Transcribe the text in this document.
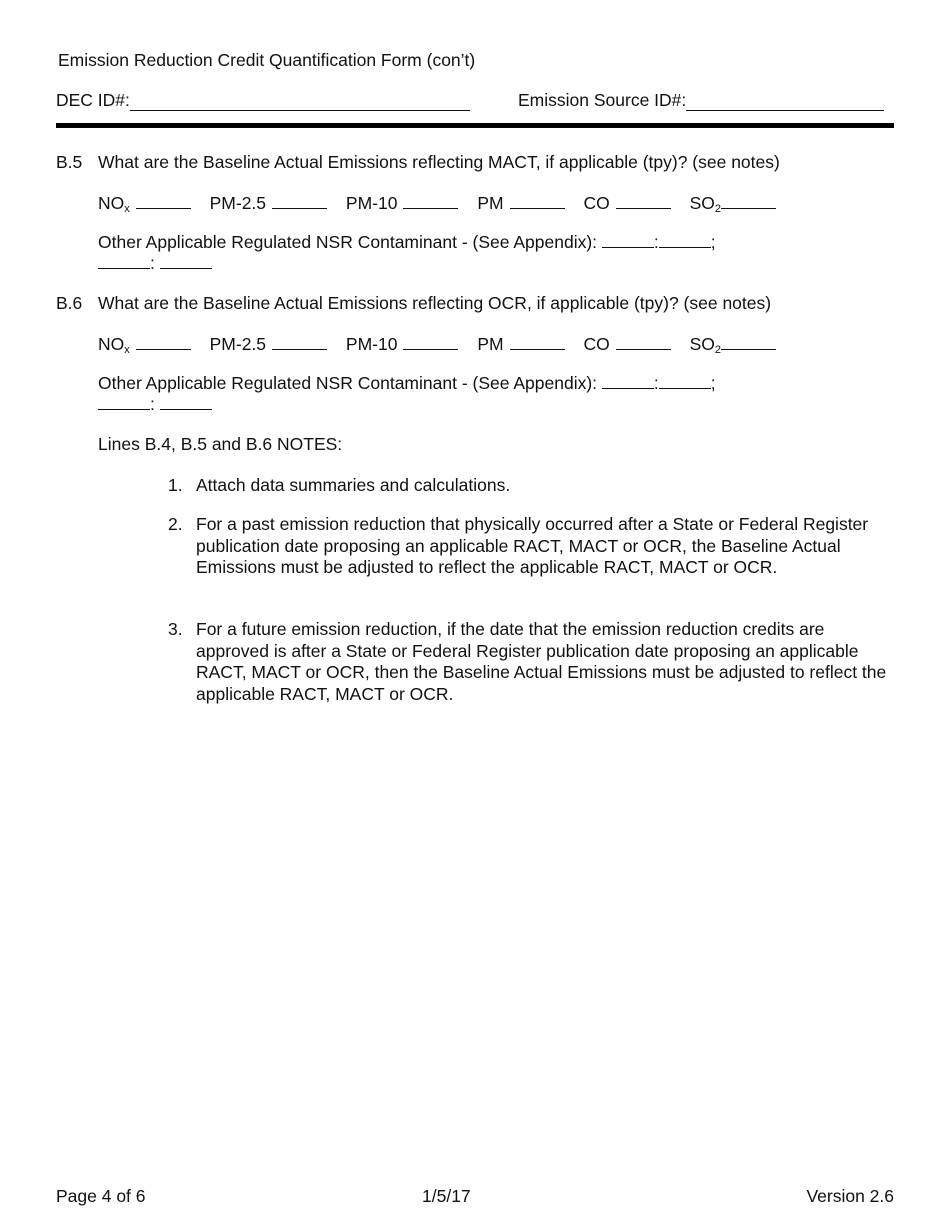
Emission Reduction Credit Quantification Form (con’t)
DEC ID#:	Emission Source ID#:
B.5 What are the Baseline Actual Emissions reflecting MACT, if applicable (tpy)? (see notes)
$NO_x$	PM-2.5	PM-10	PM	CO	$SO_2$
Other Applicable Regulated NSR Contaminant - (See Appendix):	:	;
:
B.6 What are the Baseline Actual Emissions reflecting OCR, if applicable (tpy)? (see notes)
$NO_x$	PM-2.5	PM-10	PM	CO	$SO_2$
Other Applicable Regulated NSR Contaminant - (See Appendix):	:	;
:
Lines B.4, B.5 and B.6 NOTES:
1. Attach data summaries and calculations.
2. For a past emission reduction that physically occurred after a State or Federal Register publication date proposing an applicable RACT, MACT or OCR, the Baseline Actual Emissions must be adjusted to reflect the applicable RACT, MACT or OCR.
3. For a future emission reduction, if the date that the emission reduction credits are approved is after a State or Federal Register publication date proposing an applicable RACT, MACT or OCR, then the Baseline Actual Emissions must be adjusted to reflect the applicable RACT, MACT or OCR.
Page 4 of 6	1/5/17	Version 2.6
